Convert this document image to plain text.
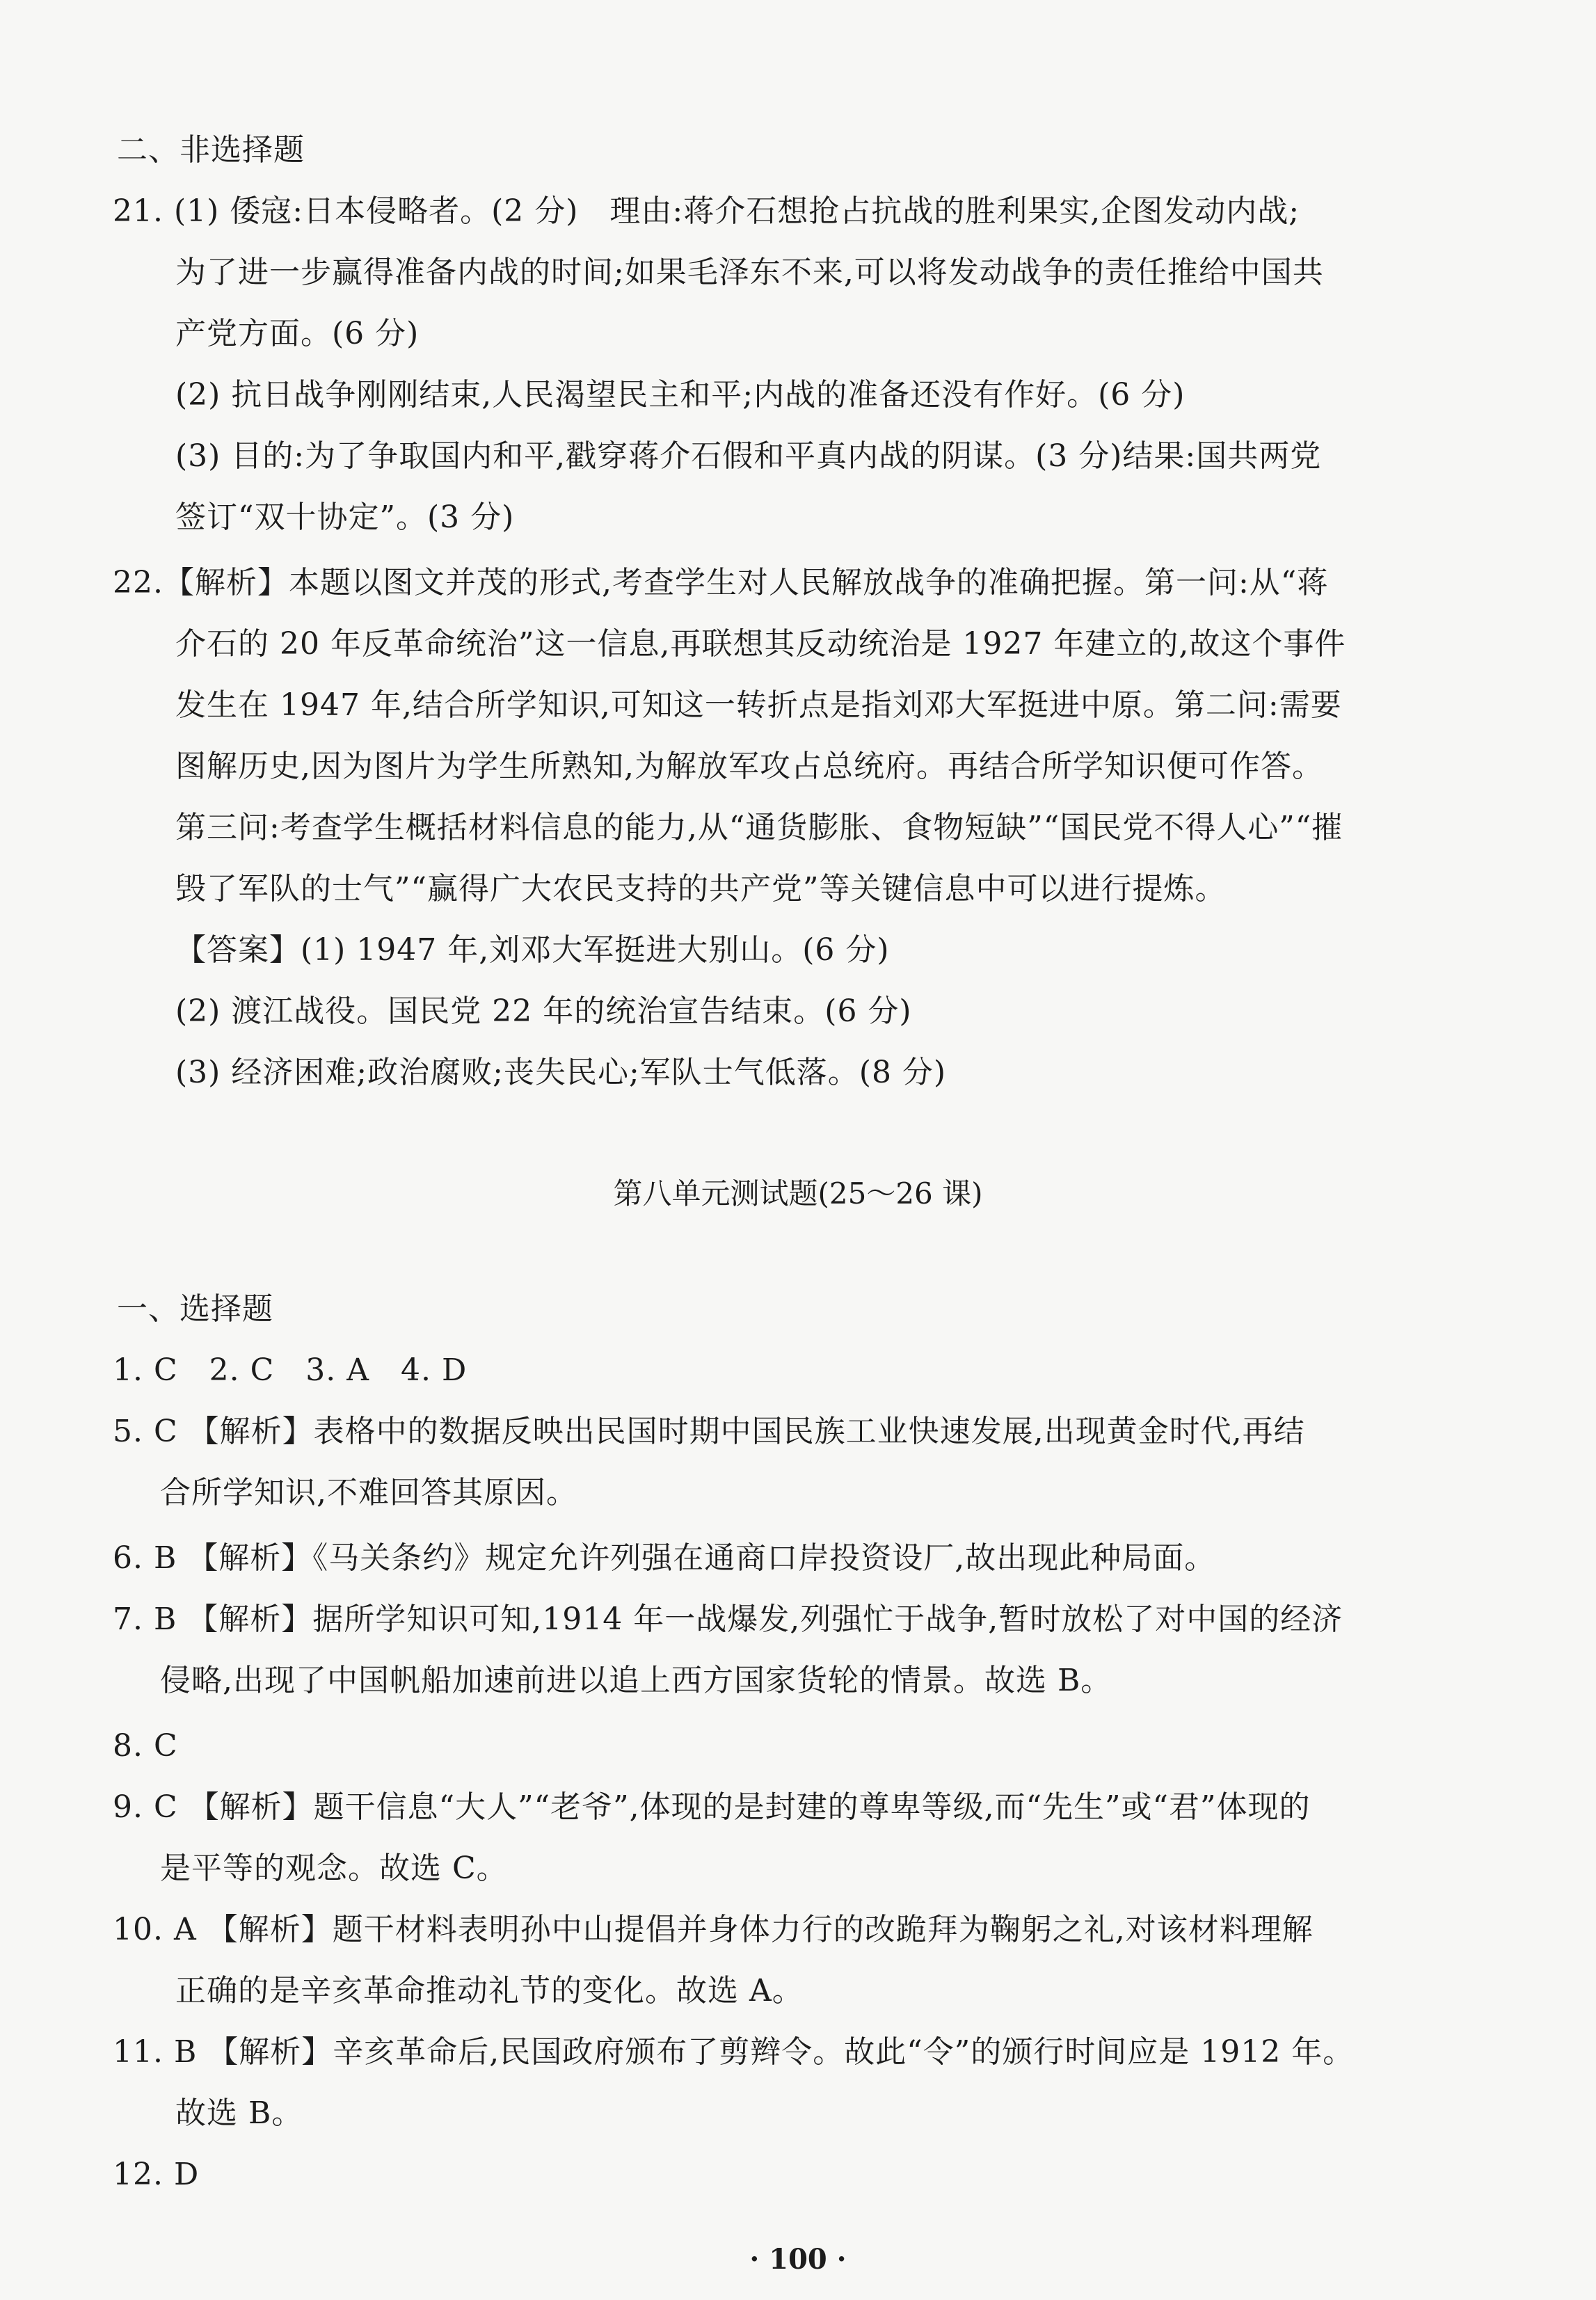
二、非选择题
21. (1) 倭寇:日本侵略者。(2 分)　理由:蒋介石想抢占抗战的胜利果实,企图发动内战;
为了进一步赢得准备内战的时间;如果毛泽东不来,可以将发动战争的责任推给中国共
产党方面。(6 分)
(2) 抗日战争刚刚结束,人民渴望民主和平;内战的准备还没有作好。(6 分)
(3) 目的:为了争取国内和平,戳穿蒋介石假和平真内战的阴谋。(3 分)结果:国共两党
签订“双十协定”。(3 分)
22.【解析】本题以图文并茂的形式,考查学生对人民解放战争的准确把握。第一问:从“蒋
介石的 20 年反革命统治”这一信息,再联想其反动统治是 1927 年建立的,故这个事件
发生在 1947 年,结合所学知识,可知这一转折点是指刘邓大军挺进中原。第二问:需要
图解历史,因为图片为学生所熟知,为解放军攻占总统府。再结合所学知识便可作答。
第三问:考查学生概括材料信息的能力,从“通货膨胀、食物短缺”“国民党不得人心”“摧
毁了军队的士气”“赢得广大农民支持的共产党”等关键信息中可以进行提炼。
【答案】(1) 1947 年,刘邓大军挺进大别山。(6 分)
(2) 渡江战役。国民党 22 年的统治宣告结束。(6 分)
(3) 经济困难;政治腐败;丧失民心;军队士气低落。(8 分)
第八单元测试题(25～26 课)
一、选择题
1. C　2. C　3. A　4. D
5. C 【解析】表格中的数据反映出民国时期中国民族工业快速发展,出现黄金时代,再结
合所学知识,不难回答其原因。
6. B 【解析】《马关条约》规定允许列强在通商口岸投资设厂,故出现此种局面。
7. B 【解析】据所学知识可知,1914 年一战爆发,列强忙于战争,暂时放松了对中国的经济
侵略,出现了中国帆船加速前进以追上西方国家货轮的情景。故选 B。
8. C
9. C 【解析】题干信息“大人”“老爷”,体现的是封建的尊卑等级,而“先生”或“君”体现的
是平等的观念。故选 C。
10. A 【解析】题干材料表明孙中山提倡并身体力行的改跪拜为鞠躬之礼,对该材料理解
正确的是辛亥革命推动礼节的变化。故选 A。
11. B 【解析】辛亥革命后,民国政府颁布了剪辫令。故此“令”的颁行时间应是 1912 年。
故选 B。
12. D
· 100 ·
